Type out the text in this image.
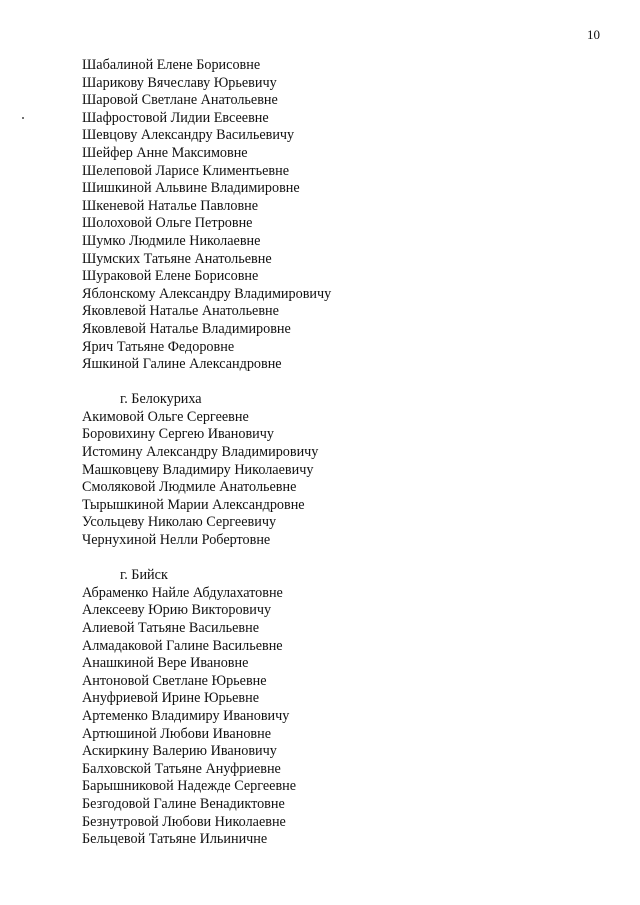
10
Шабалиной Елене Борисовне
Шарикову Вячеславу Юрьевичу
Шаровой Светлане Анатольевне
Шафростовой Лидии Евсеевне
Шевцову Александру Васильевичу
Шейфер Анне Максимовне
Шелеповой Ларисе Климентьевне
Шишкиной Альвине Владимировне
Шкеневой Наталье Павловне
Шолоховой Ольге Петровне
Шумко Людмиле Николаевне
Шумских Татьяне Анатольевне
Шураковой Елене Борисовне
Яблонскому Александру Владимировичу
Яковлевой Наталье Анатольевне
Яковлевой Наталье Владимировне
Ярич Татьяне Федоровне
Яшкиной Галине Александровне
г. Белокуриха
Акимовой Ольге Сергеевне
Боровихину Сергею Ивановичу
Истомину Александру Владимировичу
Машковцеву Владимиру Николаевичу
Смоляковой Людмиле Анатольевне
Тырышкиной Марии Александровне
Усольцеву Николаю Сергеевичу
Чернухиной Нелли Робертовне
г. Бийск
Абраменко Найле Абдулахатовне
Алексееву Юрию Викторовичу
Алиевой Татьяне Васильевне
Алмадаковой Галине Васильевне
Анашкиной Вере Ивановне
Антоновой Светлане Юрьевне
Ануфриевой Ирине Юрьевне
Артеменко Владимиру Ивановичу
Артюшиной Любови Ивановне
Аскиркину Валерию Ивановичу
Балховской Татьяне Ануфриевне
Барышниковой Надежде Сергеевне
Безгодовой Галине Венадиктовне
Безнутровой Любови Николаевне
Бельцевой Татьяне Ильиничне
